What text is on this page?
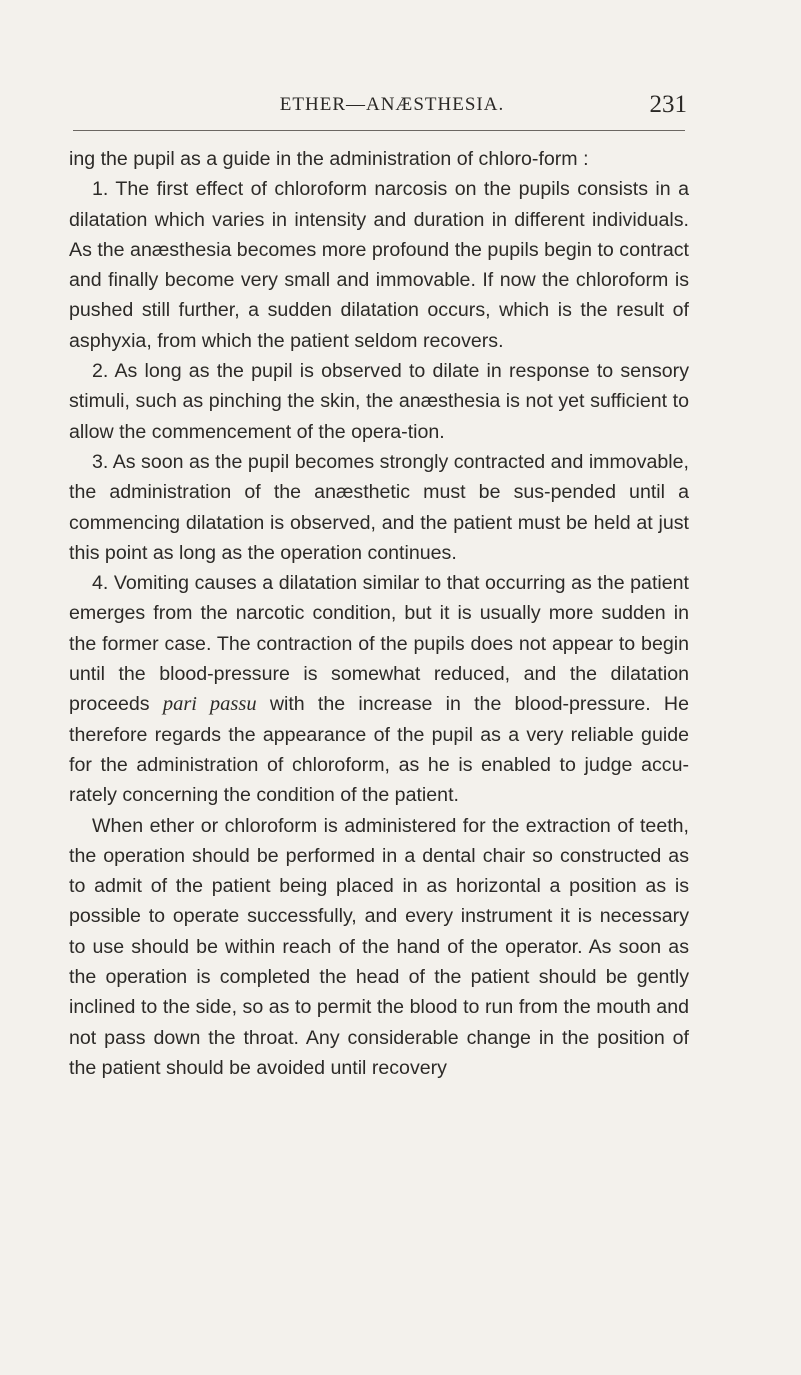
ETHER—ANÆSTHESIA.	231

ing the pupil as a guide in the administration of chloro-form :

1. The first effect of chloroform narcosis on the pupils consists in a dilatation which varies in intensity and duration in different individuals. As the anæsthesia becomes more profound the pupils begin to contract and finally become very small and immovable. If now the chloroform is pushed still further, a sudden dilatation occurs, which is the result of asphyxia, from which the patient seldom recovers.

2. As long as the pupil is observed to dilate in response to sensory stimuli, such as pinching the skin, the anæsthesia is not yet sufficient to allow the commencement of the opera-tion.

3. As soon as the pupil becomes strongly contracted and immovable, the administration of the anæsthetic must be sus-pended until a commencing dilatation is observed, and the patient must be held at just this point as long as the operation continues.

4. Vomiting causes a dilatation similar to that occurring as the patient emerges from the narcotic condition, but it is usually more sudden in the former case. The contraction of the pupils does not appear to begin until the blood-pressure is somewhat reduced, and the dilatation proceeds pari passu with the increase in the blood-pressure. He therefore regards the appearance of the pupil as a very reliable guide for the administration of chloroform, as he is enabled to judge accu-rately concerning the condition of the patient.

When ether or chloroform is administered for the extraction of teeth, the operation should be performed in a dental chair so constructed as to admit of the patient being placed in as horizontal a position as is possible to operate successfully, and every instrument it is necessary to use should be within reach of the hand of the operator. As soon as the operation is completed the head of the patient should be gently inclined to the side, so as to permit the blood to run from the mouth and not pass down the throat. Any considerable change in the position of the patient should be avoided until recovery
